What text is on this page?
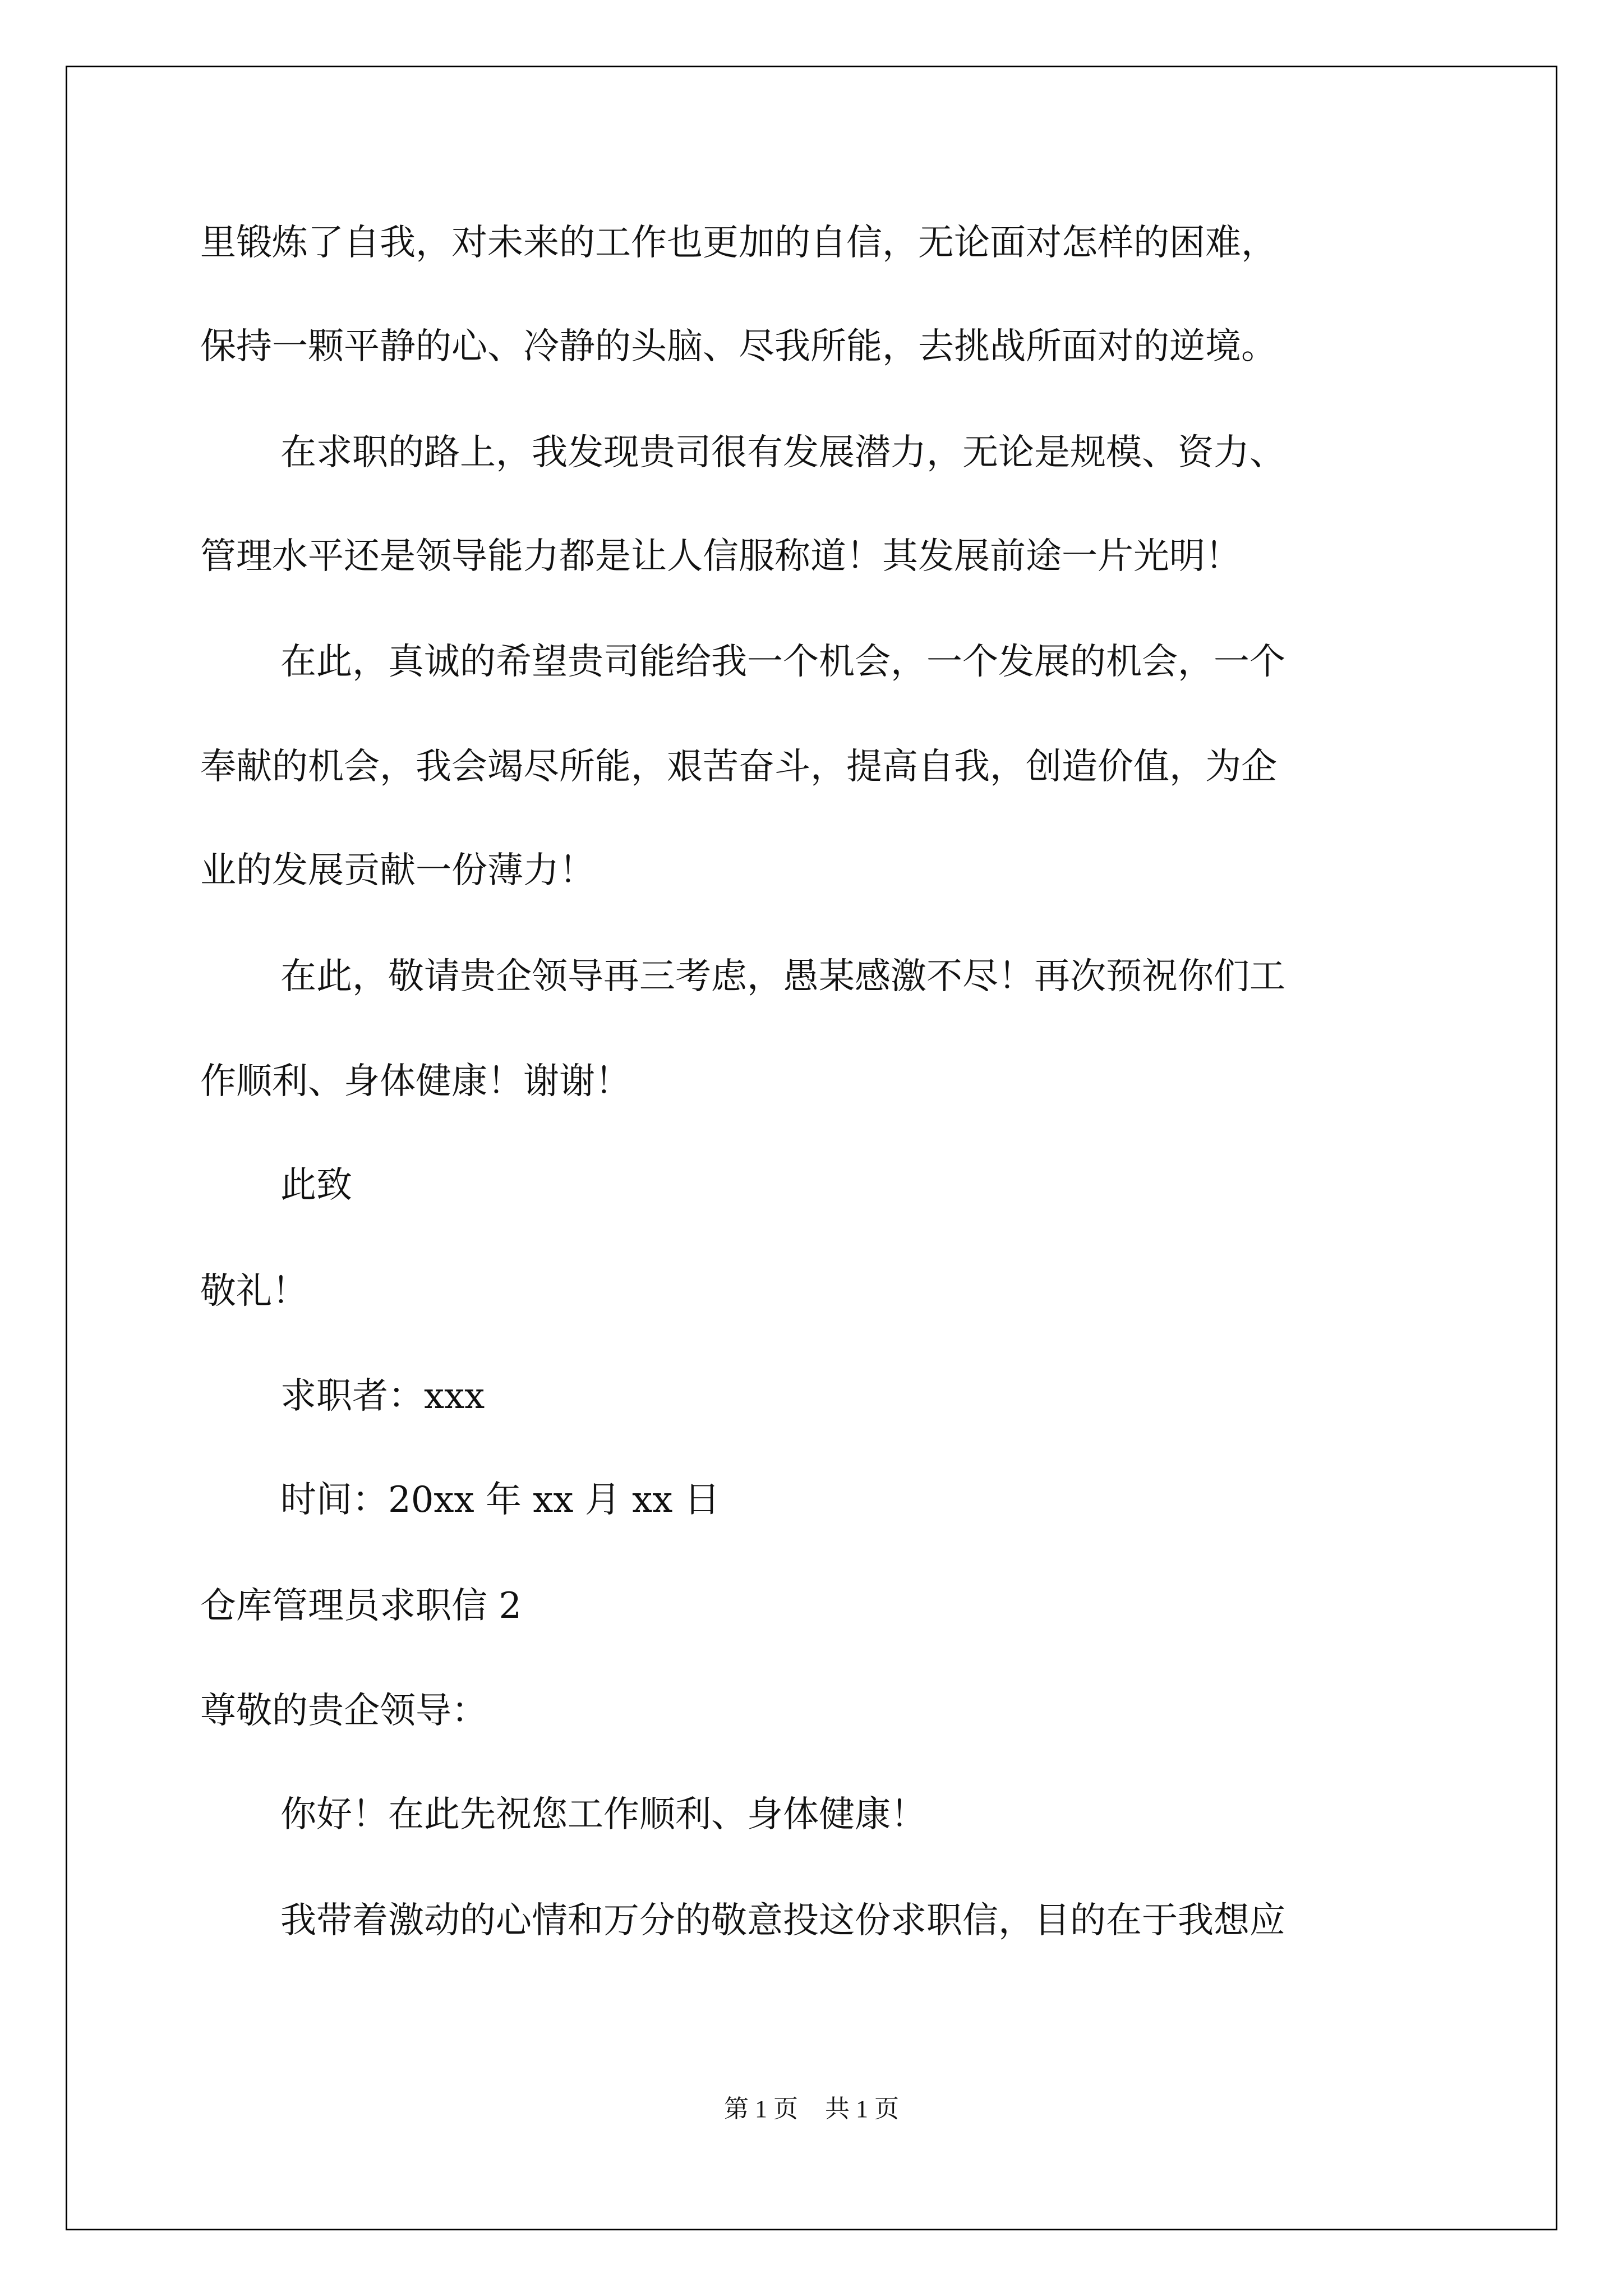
里锻炼了自我，对未来的工作也更加的自信，无论面对怎样的困难，

保持一颗平静的心、冷静的头脑、尽我所能，去挑战所面对的逆境。

在求职的路上，我发现贵司很有发展潜力，无论是规模、资力、

管理水平还是领导能力都是让人信服称道！其发展前途一片光明！

在此，真诚的希望贵司能给我一个机会，一个发展的机会，一个

奉献的机会，我会竭尽所能，艰苦奋斗，提高自我，创造价值，为企

业的发展贡献一份薄力！

在此，敬请贵企领导再三考虑，愚某感激不尽！再次预祝你们工

作顺利、身体健康！谢谢！

此致

敬礼！

求职者：xxx

时间：20xx 年 xx 月 xx 日

仓库管理员求职信 2

尊敬的贵企领导：

你好！在此先祝您工作顺利、身体健康！

我带着激动的心情和万分的敬意投这份求职信，目的在于我想应

第 1 页 共 1 页
